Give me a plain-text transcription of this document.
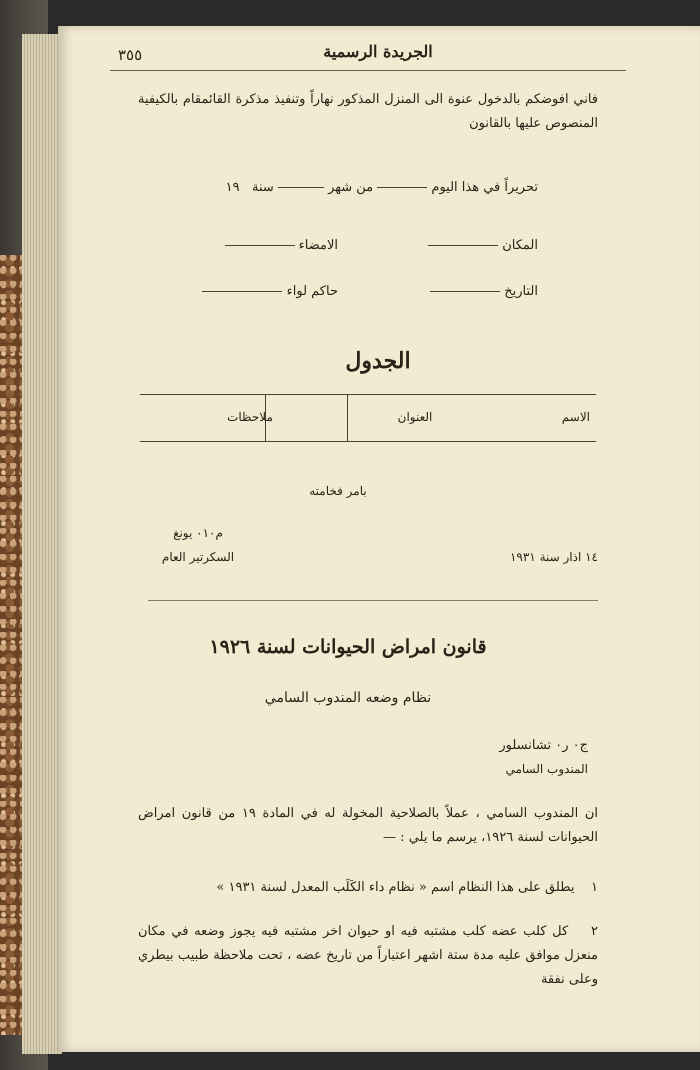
٣٥٥	الجريدة الرسمية
فاني افوضكم بالدخول عنوة الى المنزل المذكور نهاراً وتنفيذ مذكرة القائمقام بالكيفية المنصوص عليها بالقانون
تحريراً في هذا اليوم  من شهر  سنة   ١٩
المكان
الامضاء
التاريخ
حاكم لواء
الجدول
الاسم
العنوان
ملاحظات
بامر فخامته
م٠١٠ يونغ
السكرتير العام	١٤ اذار سنة ١٩٣١
قانون امراض الحيوانات لسنة ١٩٢٦
نظام وضعه المندوب السامي
ج٠ ر٠ تشانسلور
المندوب السامي
ان المندوب السامي ، عملاً بالصلاحية المخولة له في المادة ١٩ من قانون امراض الحيوانات لسنة ١٩٢٦، يرسم ما يلي : —
١    يطلق على هذا النظام اسم « نظام داء الكَلَب المعدل لسنة ١٩٣١ »
٢    كل كلب عضه كلب مشتبه فيه او حيوان اخر مشتبه فيه يجوز وضعه في مكان منعزل موافق عليه مدة ستة اشهر اعتباراً من تاريخ عضه ، تحت ملاحظة طبيب بيطري وعلى نفقة
